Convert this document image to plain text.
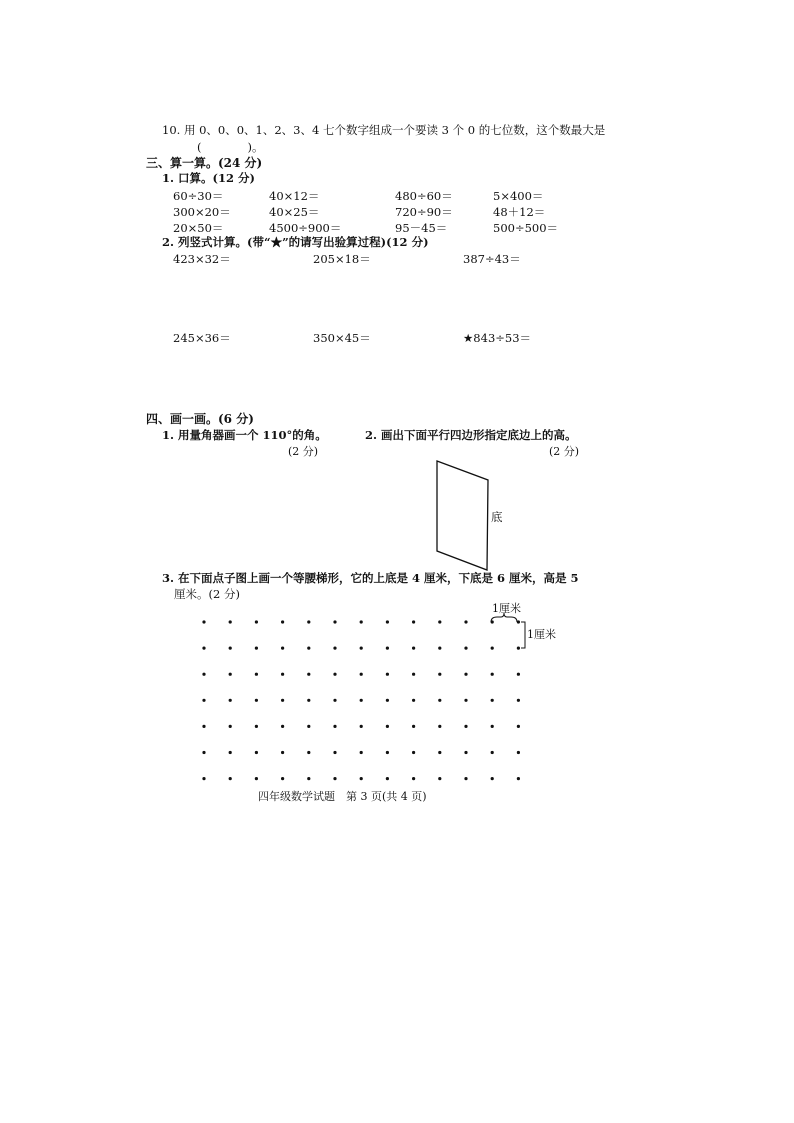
10. 用 0、0、0、1、2、3、4 七个数字组成一个要读 3 个 0 的七位数，这个数最大是
(　　　　)。
三、算一算。(24 分)
1. 口算。(12 分)
60÷30＝	40×12＝	480÷60＝	5×400＝
300×20＝	40×25＝	720÷90＝	48＋12＝
20×50＝	4500÷900＝	95－45＝	500÷500＝
2. 列竖式计算。(带“★”的请写出验算过程)(12 分)
423×32＝	205×18＝	387÷43＝
245×36＝	350×45＝	★843÷53＝
四、画一画。(6 分)
1. 用量角器画一个 110°的角。
(2 分)
2. 画出下面平行四边形指定底边上的高。
(2 分)
底
3. 在下面点子图上画一个等腰梯形，它的上底是 4 厘米，下底是 6 厘米，高是 5
厘米。(2 分)
1厘米
1厘米
四年级数学试题　第 3 页(共 4 页)
